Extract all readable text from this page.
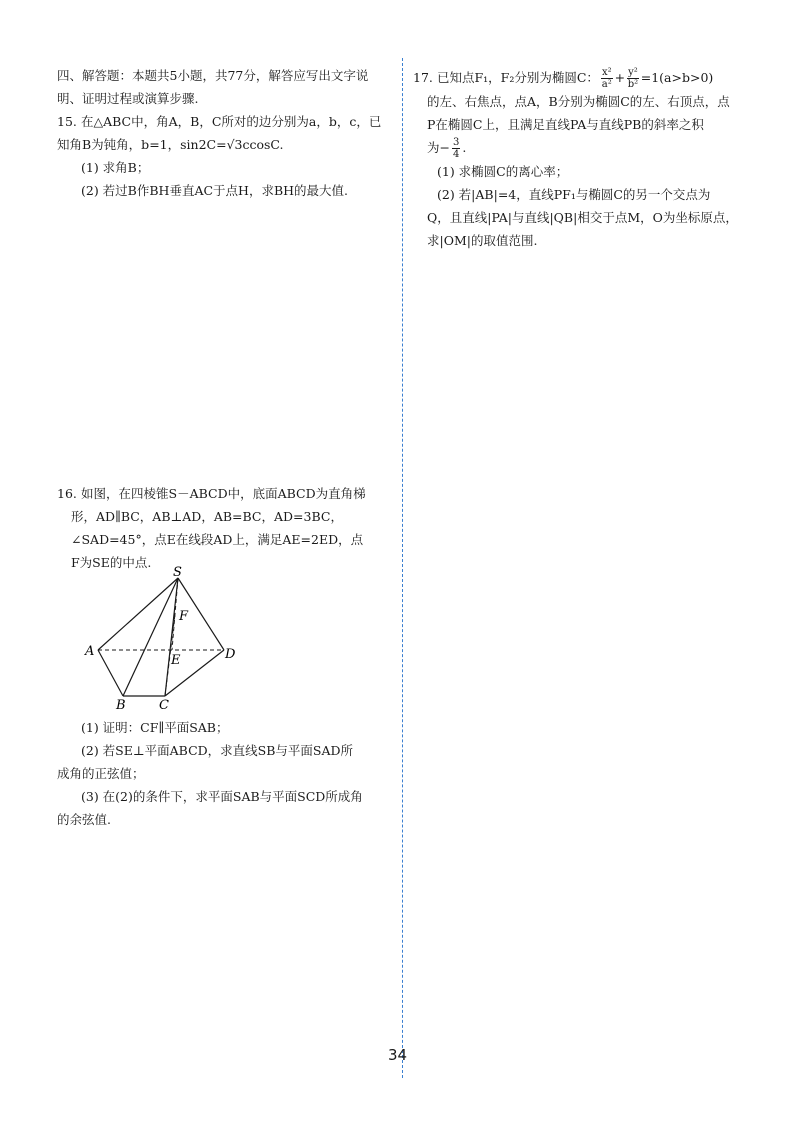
四、解答题：本题共5小题，共77分，解答应写出文字说

明、证明过程或演算步骤.

15. 在△ABC中，角A，B，C所对的边分别为a，b，c，已

知角B为钝角，b=1，sin2C=√3ccosC.

(1) 求角B；

(2) 若过B作BH垂直AC于点H，求BH的最大值.

16. 如图，在四棱锥S－ABCD中，底面ABCD为直角梯

形，AD∥BC，AB⊥AD，AB=BC，AD=3BC，

∠SAD=45°，点E在线段AD上，满足AE=2ED，点

F为SE的中点.

S
F
A
E	D
B	C

(1) 证明：CF∥平面SAB；

(2) 若SE⊥平面ABCD，求直线SB与平面SAD所

成角的正弦值；

(3) 在(2)的条件下，求平面SAB与平面SCD所成角

的余弦值.

17. 已知点F₁，F₂分别为椭圆C： $\frac{\text{x²}}{\text{a²}} + \frac{\text{y²}}{\text{b²}} =1(a>b>0)$

的左、右焦点，点A，B分别为椭圆C的左、右顶点，点

P在椭圆C上，且满足直线PA与直线PB的斜率之积

为− $\frac{3}{4}$ .

(1) 求椭圆C的离心率；

(2) 若|AB|=4，直线PF₁与椭圆C的另一个交点为

Q，且直线|PA|与直线|QB|相交于点M，O为坐标原点，

求|OM|的取值范围.

34
